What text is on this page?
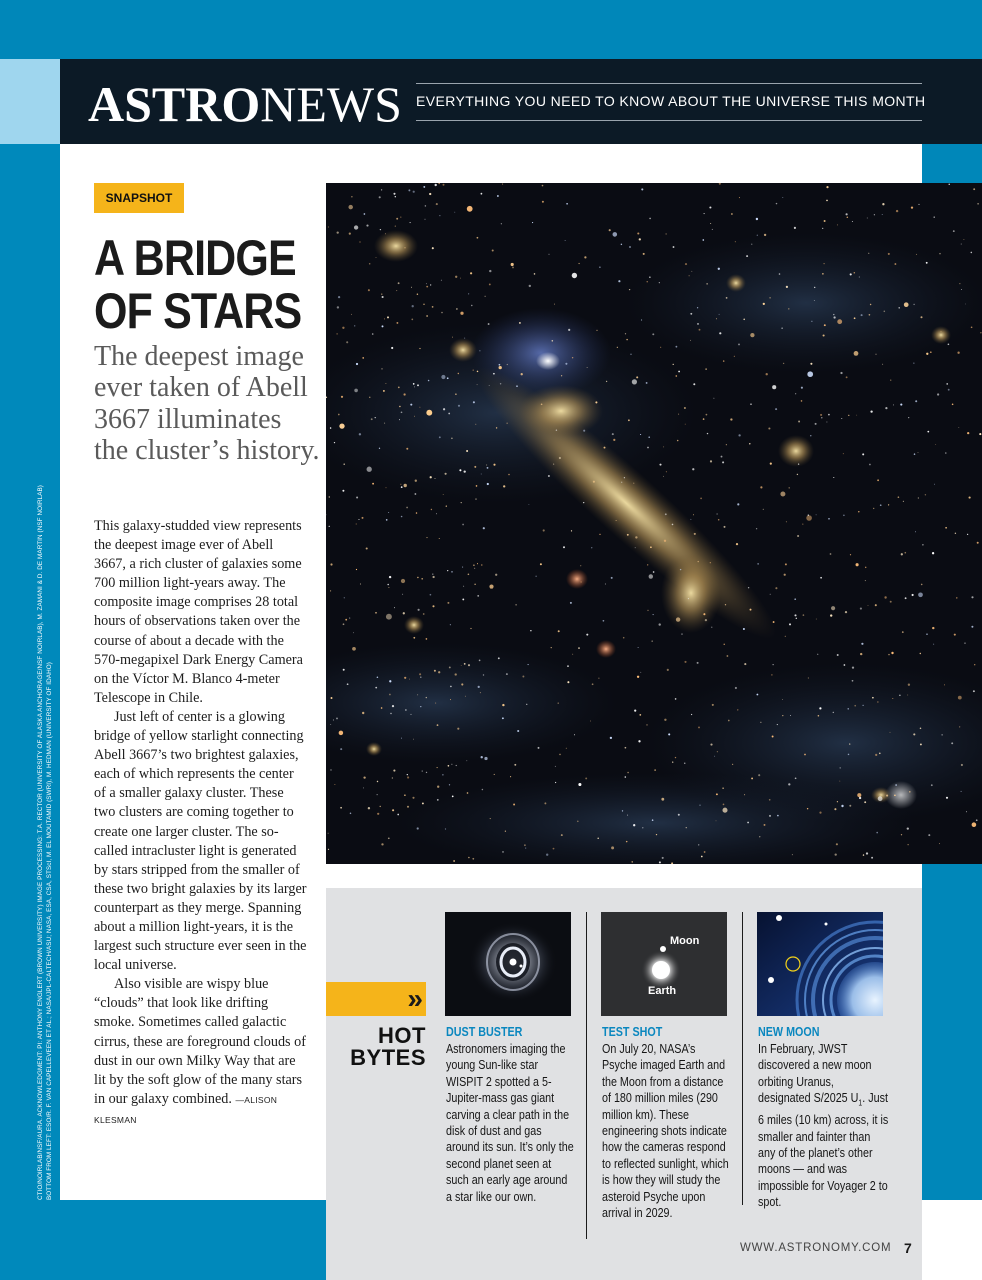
ASTRONEWS EVERYTHING YOU NEED TO KNOW ABOUT THE UNIVERSE THIS MONTH
CTIO/NOIRLAB/NSF/AURA. ACKNOWLEDGMENT: PI: ANTHONY ENGLERT (BROWN UNIVERSITY) IMAGE PROCESSING: T.A. RECTOR (UNIVERSITY OF ALASKA ANCHORAGE/NSF NOIRLAB), M. ZAMANI & D. DE MARTIN (NSF NOIRLAB) BOTTOM FROM LEFT: ESO/R. F. VAN CAPELLEVEEN ET AL.; NASA/JPL-CALTECH/ASU; NASA, ESA, CSA, STScI, M. EL MOUTAMID (SWRI), M. HEDMAN (UNIVERSITY OF IDAHO)
SNAPSHOT
A BRIDGE
OF STARS
The deepest image ever taken of Abell 3667 illuminates the cluster’s history.

This galaxy-studded view represents the deepest image ever of Abell 3667, a rich cluster of galaxies some 700 million light-years away. The composite image comprises 28 total hours of observations taken over the course of about a decade with the 570-megapixel Dark Energy Camera on the Víctor M. Blanco 4-meter Telescope in Chile.

Just left of center is a glowing bridge of yellow starlight connecting Abell 3667’s two brightest galaxies, each of which represents the center of a smaller galaxy cluster. These two clusters are coming together to create one larger cluster. The so-called intracluster light is generated by stars stripped from the smaller of these two bright galaxies by its larger counterpart as they merge. Spanning about a million light-years, it is the largest such structure ever seen in the local universe.

Also visible are wispy blue “clouds” that look like drifting smoke. Sometimes called galactic cirrus, these are foreground clouds of dust in our own Milky Way that are lit by the soft glow of the many stars in our galaxy combined. —ALISON KLESMAN

»
HOT
BYTES
DUST BUSTER
Astronomers imaging the young Sun-like star WISPIT 2 spotted a 5-Jupiter-mass gas giant carving a clear path in the disk of dust and gas around its sun. It’s only the second planet seen at such an early age around a star like our own.
Moon
Earth
TEST SHOT
On July 20, NASA’s Psyche imaged Earth and the Moon from a distance of 180 million miles (290 million km). These engineering shots indicate how the cameras respond to reflected sunlight, which is how they will study the asteroid Psyche upon arrival in 2029.
NEW MOON
In February, JWST discovered a new moon orbiting Uranus, designated S/2025 $U_1$. Just 6 miles (10 km) across, it is smaller and fainter than any of the planet’s other moons — and was impossible for Voyager 2 to spot.
WWW.ASTRONOMY.COM 7
